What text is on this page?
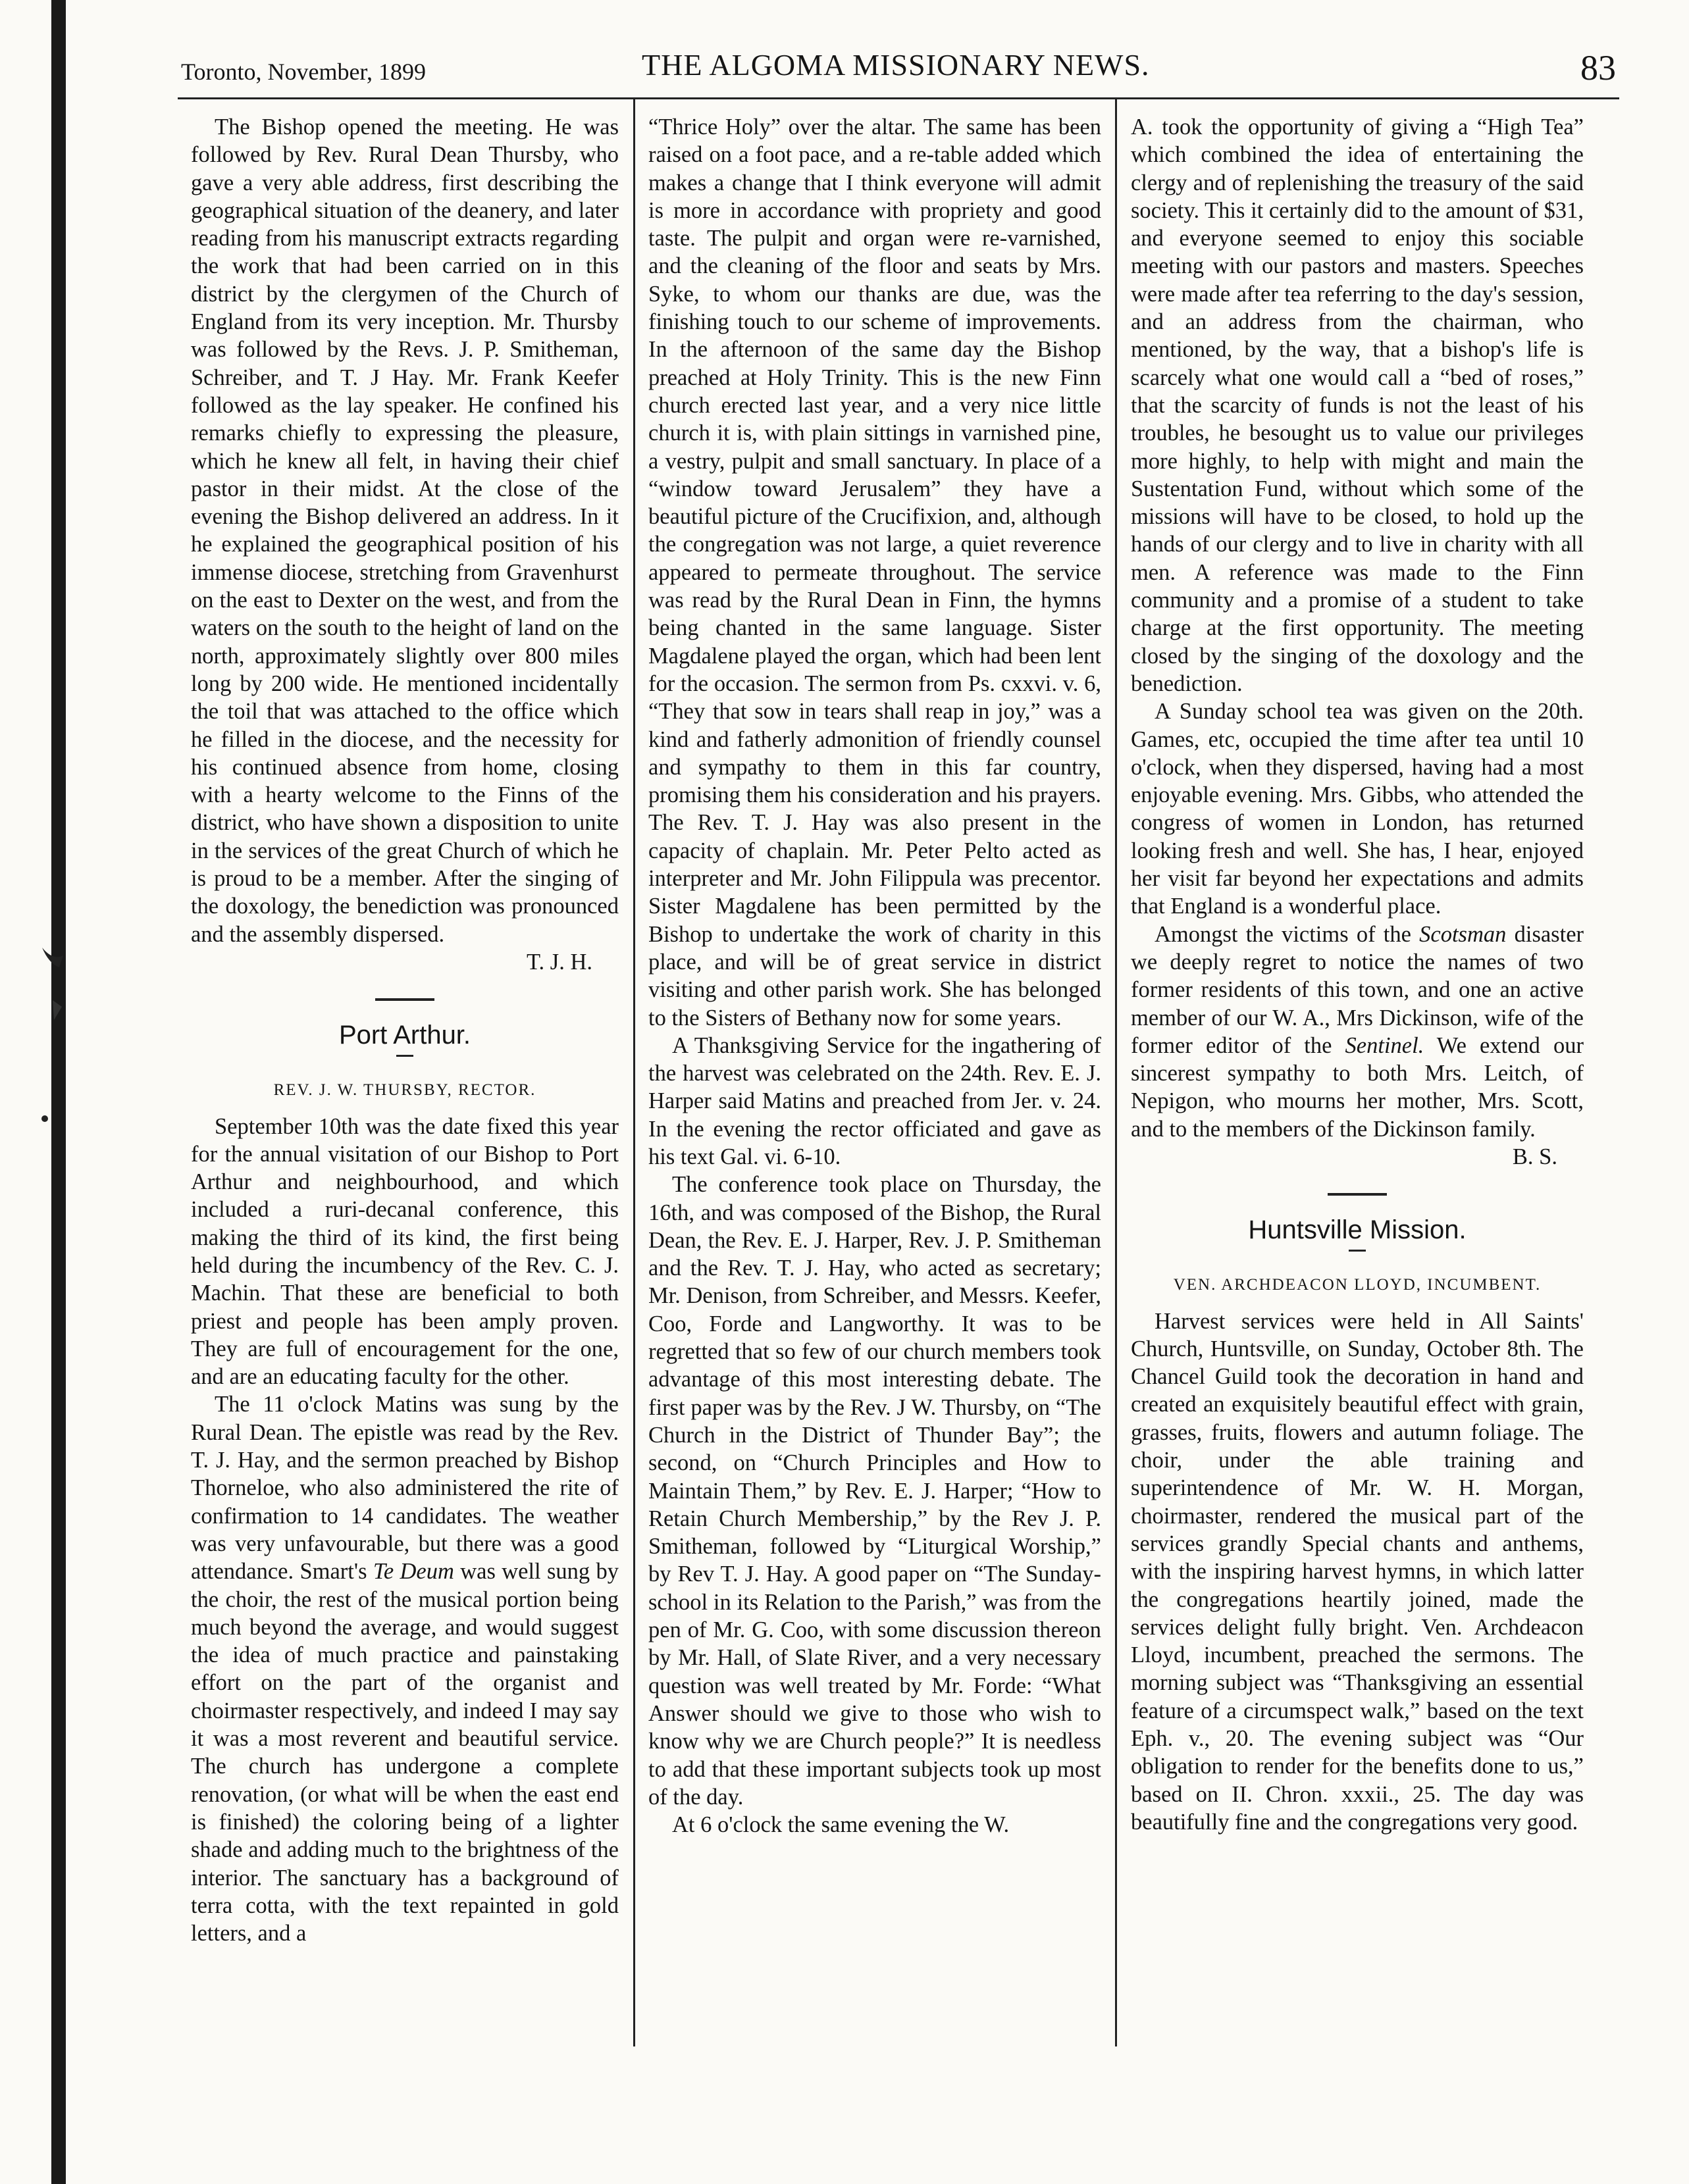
Toronto, November, 1899	THE ALGOMA MISSIONARY NEWS.	83

The Bishop opened the meeting. He was followed by Rev. Rural Dean Thursby, who gave a very able address, first describing the geographical situation of the deanery, and later reading from his manuscript extracts regarding the work that had been carried on in this district by the clergymen of the Church of England from its very inception. Mr. Thursby was followed by the Revs. J. P. Smitheman, Schreiber, and T. J Hay. Mr. Frank Keefer followed as the lay speaker. He confined his remarks chiefly to expressing the pleasure, which he knew all felt, in having their chief pastor in their midst. At the close of the evening the Bishop delivered an address. In it he explained the geographical position of his immense diocese, stretching from Gravenhurst on the east to Dexter on the west, and from the waters on the south to the height of land on the north, approximately slightly over 800 miles long by 200 wide. He mentioned incidentally the toil that was attached to the office which he filled in the diocese, and the necessity for his continued absence from home, closing with a hearty welcome to the Finns of the district, who have shown a disposition to unite in the services of the great Church of which he is proud to be a member. After the singing of the doxology, the benediction was pronounced and the assembly dispersed.

T. J. H.
Port Arthur.
REV. J. W. THURSBY, RECTOR.

September 10th was the date fixed this year for the annual visitation of our Bishop to Port Arthur and neighbourhood, and which included a ruri-decanal conference, this making the third of its kind, the first being held during the incumbency of the Rev. C. J. Machin. That these are beneficial to both priest and people has been amply proven. They are full of encouragement for the one, and are an educating faculty for the other.

The 11 o'clock Matins was sung by the Rural Dean. The epistle was read by the Rev. T. J. Hay, and the sermon preached by Bishop Thorneloe, who also administered the rite of confirmation to 14 candidates. The weather was very unfavourable, but there was a good attendance. Smart's Te Deum was well sung by the choir, the rest of the musical portion being much beyond the average, and would suggest the idea of much practice and painstaking effort on the part of the organist and choirmaster respectively, and indeed I may say it was a most reverent and beautiful service. The church has undergone a complete renovation, (or what will be when the east end is finished) the coloring being of a lighter shade and adding much to the brightness of the interior. The sanctuary has a background of terra cotta, with the text repainted in gold letters, and a

“Thrice Holy” over the altar. The same has been raised on a foot pace, and a re-table added which makes a change that I think everyone will admit is more in accordance with propriety and good taste. The pulpit and organ were re-varnished, and the cleaning of the floor and seats by Mrs. Syke, to whom our thanks are due, was the finishing touch to our scheme of improvements. In the afternoon of the same day the Bishop preached at Holy Trinity. This is the new Finn church erected last year, and a very nice little church it is, with plain sittings in varnished pine, a vestry, pulpit and small sanctuary. In place of a “window toward Jerusalem” they have a beautiful picture of the Crucifixion, and, although the congregation was not large, a quiet reverence appeared to permeate throughout. The service was read by the Rural Dean in Finn, the hymns being chanted in the same language. Sister Magdalene played the organ, which had been lent for the occasion. The sermon from Ps. cxxvi. v. 6, “They that sow in tears shall reap in joy,” was a kind and fatherly admonition of friendly counsel and sympathy to them in this far country, promising them his consideration and his prayers. The Rev. T. J. Hay was also present in the capacity of chaplain. Mr. Peter Pelto acted as interpreter and Mr. John Filippula was precentor. Sister Magdalene has been permitted by the Bishop to undertake the work of charity in this place, and will be of great service in district visiting and other parish work. She has belonged to the Sisters of Bethany now for some years.

A Thanksgiving Service for the ingathering of the harvest was celebrated on the 24th. Rev. E. J. Harper said Matins and preached from Jer. v. 24. In the evening the rector officiated and gave as his text Gal. vi. 6-10.

The conference took place on Thursday, the 16th, and was composed of the Bishop, the Rural Dean, the Rev. E. J. Harper, Rev. J. P. Smitheman and the Rev. T. J. Hay, who acted as secretary; Mr. Denison, from Schreiber, and Messrs. Keefer, Coo, Forde and Langworthy. It was to be regretted that so few of our church members took advantage of this most interesting debate. The first paper was by the Rev. J W. Thursby, on “The Church in the District of Thunder Bay”; the second, on “Church Principles and How to Maintain Them,” by Rev. E. J. Harper; “How to Retain Church Membership,” by the Rev J. P. Smitheman, followed by “Liturgical Worship,” by Rev T. J. Hay. A good paper on “The Sunday-school in its Relation to the Parish,” was from the pen of Mr. G. Coo, with some discussion thereon by Mr. Hall, of Slate River, and a very necessary question was well treated by Mr. Forde: “What Answer should we give to those who wish to know why we are Church people?” It is needless to add that these important subjects took up most of the day.

At 6 o'clock the same evening the W.

A. took the opportunity of giving a “High Tea” which combined the idea of entertaining the clergy and of replenishing the treasury of the said society. This it certainly did to the amount of $31, and everyone seemed to enjoy this sociable meeting with our pastors and masters. Speeches were made after tea referring to the day's session, and an address from the chairman, who mentioned, by the way, that a bishop's life is scarcely what one would call a “bed of roses,” that the scarcity of funds is not the least of his troubles, he besought us to value our privileges more highly, to help with might and main the Sustentation Fund, without which some of the missions will have to be closed, to hold up the hands of our clergy and to live in charity with all men. A reference was made to the Finn community and a promise of a student to take charge at the first opportunity. The meeting closed by the singing of the doxology and the benediction.

A Sunday school tea was given on the 20th. Games, etc, occupied the time after tea until 10 o'clock, when they dispersed, having had a most enjoyable evening. Mrs. Gibbs, who attended the congress of women in London, has returned looking fresh and well. She has, I hear, enjoyed her visit far beyond her expectations and admits that England is a wonderful place.

Amongst the victims of the Scotsman disaster we deeply regret to notice the names of two former residents of this town, and one an active member of our W. A., Mrs Dickinson, wife of the former editor of the Sentinel. We extend our sincerest sympathy to both Mrs. Leitch, of Nepigon, who mourns her mother, Mrs. Scott, and to the members of the Dickinson family.

B. S.
Huntsville Mission.
VEN. ARCHDEACON LLOYD, INCUMBENT.

Harvest services were held in All Saints' Church, Huntsville, on Sunday, October 8th. The Chancel Guild took the decoration in hand and created an exquisitely beautiful effect with grain, grasses, fruits, flowers and autumn foliage. The choir, under the able training and superintendence of Mr. W. H. Morgan, choirmaster, rendered the musical part of the services grandly Special chants and anthems, with the inspiring harvest hymns, in which latter the congregations heartily joined, made the services delight fully bright. Ven. Archdeacon Lloyd, incumbent, preached the sermons. The morning subject was “Thanksgiving an essential feature of a circumspect walk,” based on the text Eph. v., 20. The evening subject was “Our obligation to render for the benefits done to us,” based on II. Chron. xxxii., 25. The day was beautifully fine and the congregations very good.
